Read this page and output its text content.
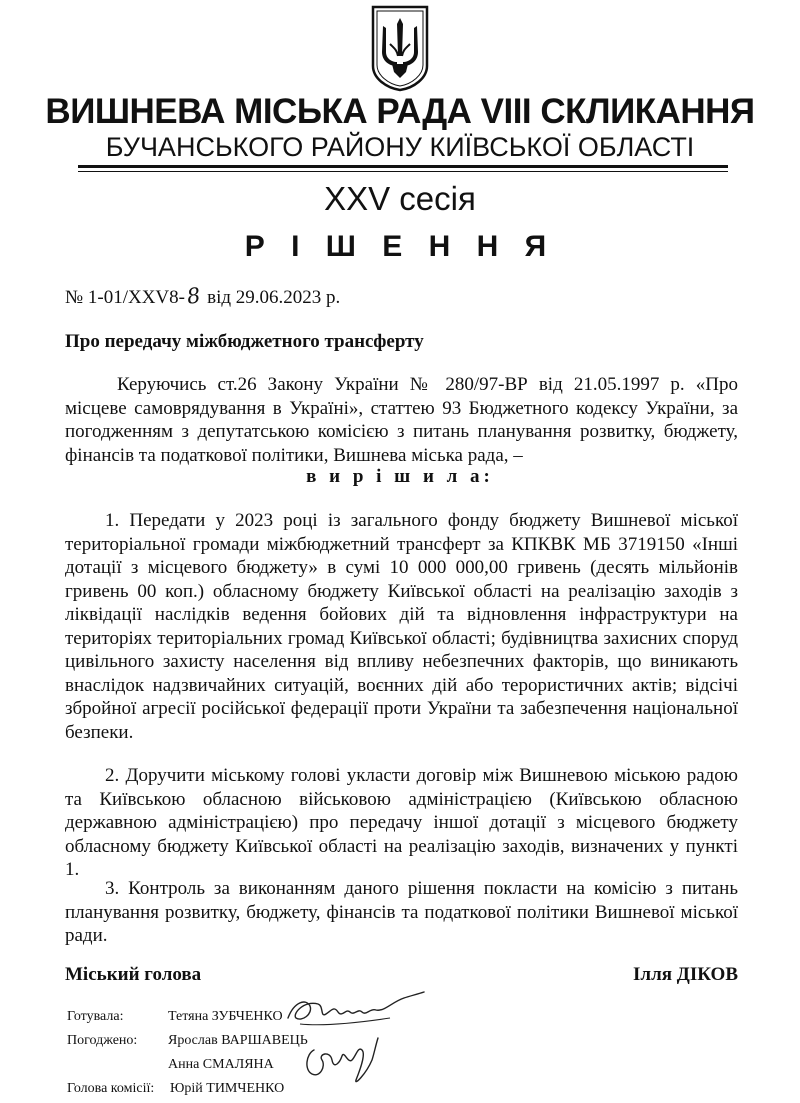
ВИШНЕВА МІСЬКА РАДА VIII СКЛИКАННЯ
БУЧАНСЬКОГО РАЙОНУ КИЇВСЬКОЇ ОБЛАСТІ
XXV сесія
Р І Ш Е Н Н Я
№ 1-01/XXV8-8 від 29.06.2023 р.
Про передачу міжбюджетного трансферту

Керуючись ст.26 Закону України № 280/97-ВР від 21.05.1997 р. «Про місцеве самоврядування в Україні», статтею 93 Бюджетного кодексу України, за погодженням з депутатською комісією з питань планування розвитку, бюджету, фінансів та податкової політики, Вишнева міська рада, –

в и р і ш и л а:

1. Передати у 2023 році із загального фонду бюджету Вишневої міської територіальної громади міжбюджетний трансферт за КПКВК МБ 3719150 «Інші дотації з місцевого бюджету» в сумі 10 000 000,00 гривень (десять мільйонів гривень 00 коп.) обласному бюджету Київської області на реалізацію заходів з ліквідації наслідків ведення бойових дій та відновлення інфраструктури на територіях територіальних громад Київської області; будівництва захисних споруд цивільного захисту населення від впливу небезпечних факторів, що виникають внаслідок надзвичайних ситуацій, воєнних дій або терористичних актів; відсічі збройної агресії російської федерації проти України та забезпечення національної безпеки.

2. Доручити міському голові укласти договір між Вишневою міською радою та Київською обласною військовою адміністрацією (Київською обласною державною адміністрацією) про передачу іншої дотації з місцевого бюджету обласному бюджету Київської області на реалізацію заходів, визначених у пункті 1.

3. Контроль за виконанням даного рішення покласти на комісію з питань планування розвитку, бюджету, фінансів та податкової політики Вишневої міської ради.

Міський голова	Ілля ДІКОВ
Готувала:	Тетяна ЗУБЧЕНКО
Погоджено: Ярослав ВАРШАВЕЦЬ
Анна СМАЛЯНА
Голова комісії: Юрій ТИМЧЕНКО
